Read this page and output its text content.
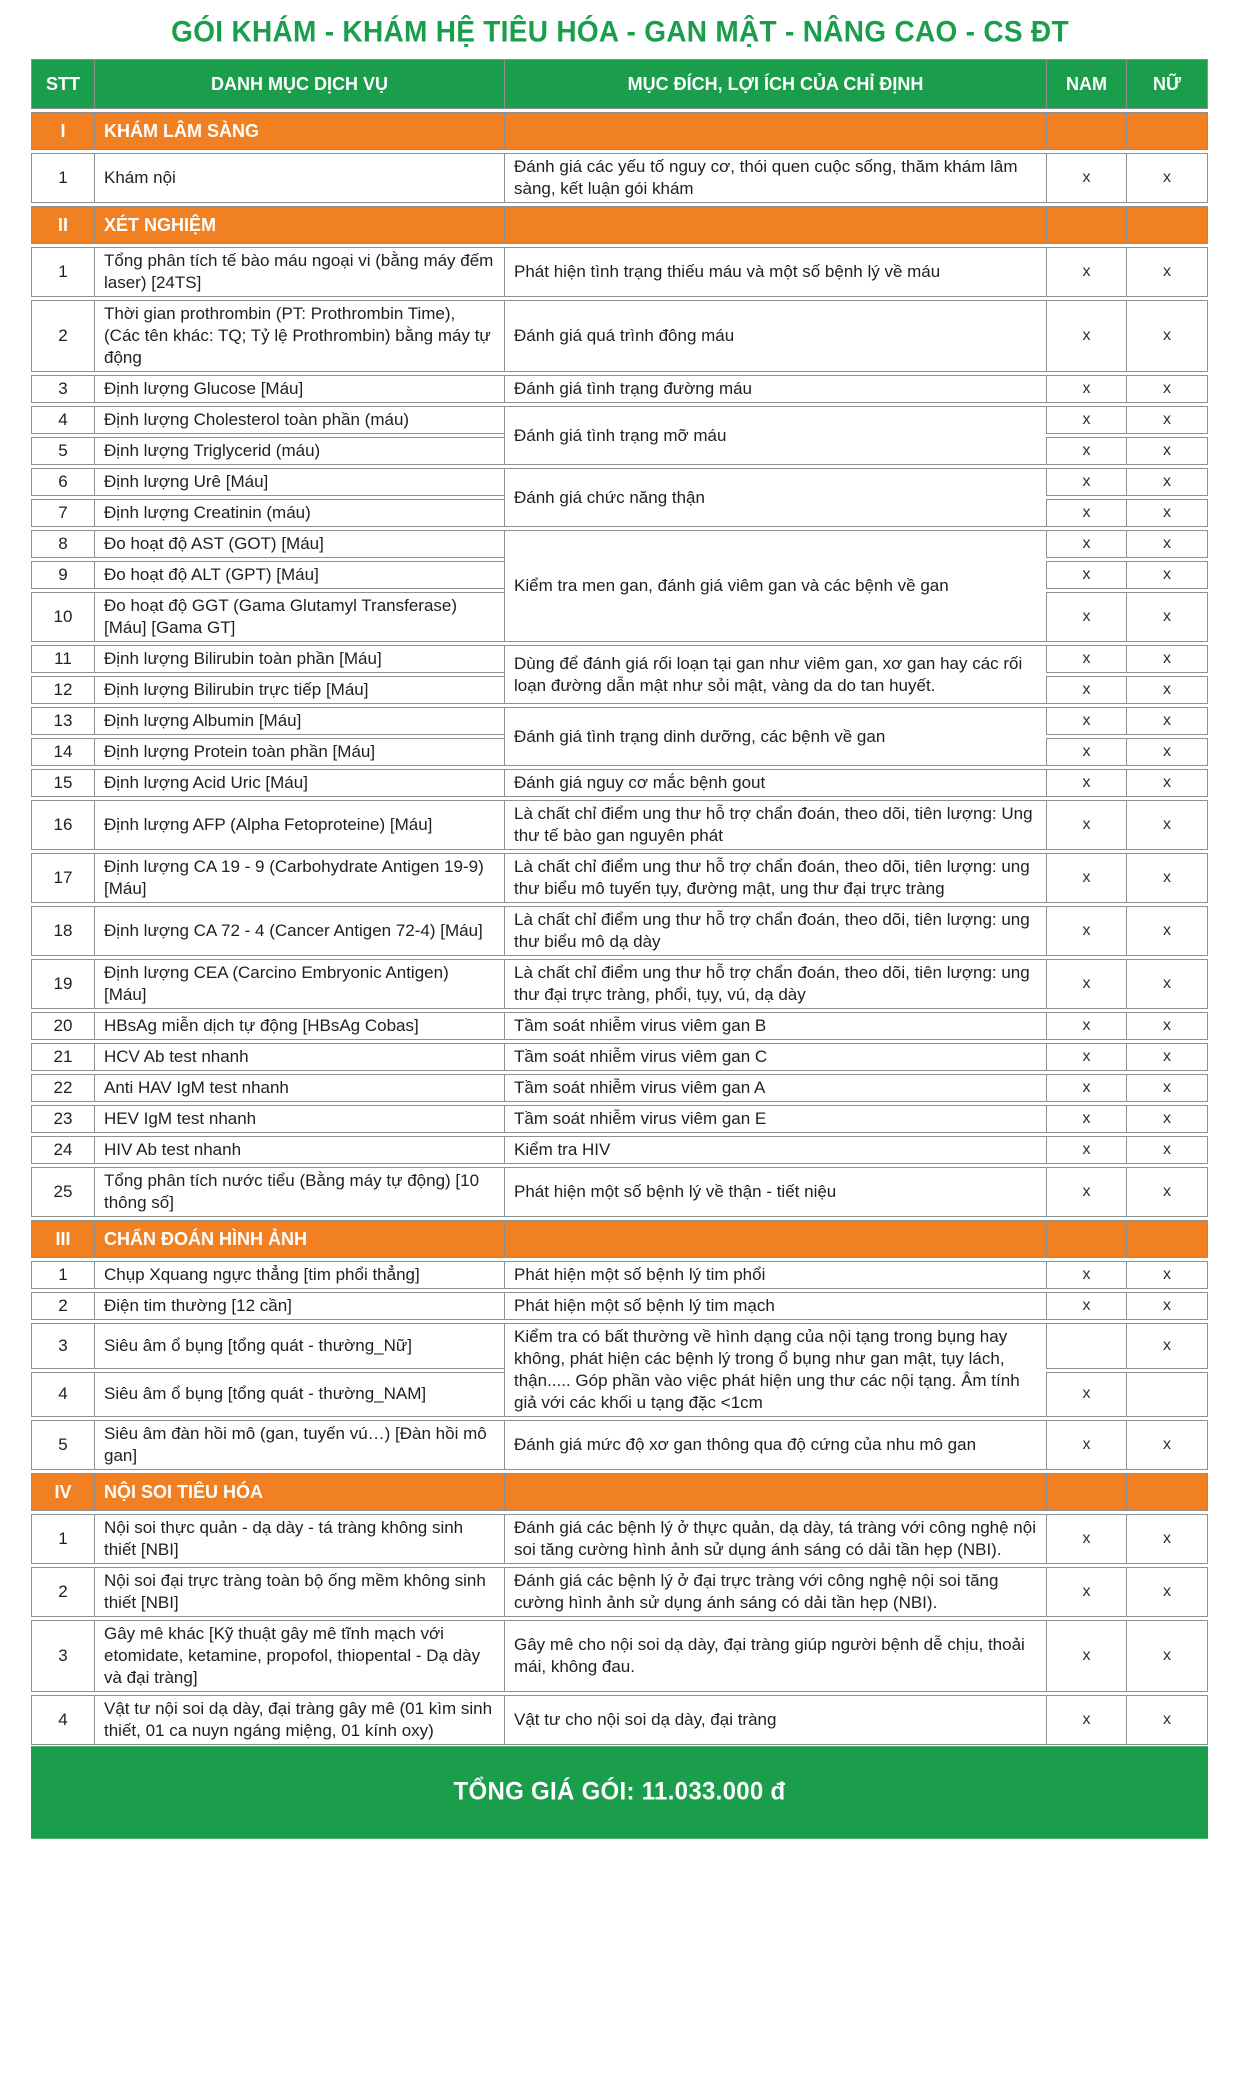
GÓI KHÁM - KHÁM HỆ TIÊU HÓA - GAN MẬT - NÂNG CAO - CS ĐT
STT	DANH MỤC DỊCH VỤ	MỤC ĐÍCH, LỢI ÍCH CỦA CHỈ ĐỊNH	NAM	NỮ
I	KHÁM LÂM SÀNG			
1	Khám nội	Đánh giá các yếu tố nguy cơ, thói quen cuộc sống, thăm khám lâm sàng, kết luận gói khám	x	x
II	XÉT NGHIỆM			
1	Tổng phân tích tế bào máu ngoại vi (bằng máy đếm laser) [24TS]	Phát hiện tình trạng thiếu máu và một số bệnh lý về máu	x	x
2	Thời gian prothrombin (PT: Prothrombin Time), (Các tên khác: TQ; Tỷ lệ Prothrombin) bằng máy tự động	Đánh giá quá trình đông máu	x	x
3	Định lượng Glucose [Máu]	Đánh giá tình trạng đường máu	x	x
4	Định lượng Cholesterol toàn phần (máu)	Đánh giá tình trạng mỡ máu	x	x
5	Định lượng Triglycerid (máu)		x	x
6	Định lượng Urê [Máu]	Đánh giá chức năng thận	x	x
7	Định lượng Creatinin (máu)		x	x
8	Đo hoạt độ AST (GOT) [Máu]	Kiểm tra men gan, đánh giá viêm gan và các bệnh về gan	x	x
9	Đo hoạt độ ALT (GPT) [Máu]		x	x
10	Đo hoạt độ GGT (Gama Glutamyl Transferase) [Máu] [Gama GT]		x	x
11	Định lượng Bilirubin toàn phần [Máu]	Dùng để đánh giá rối loạn tại gan như viêm gan, xơ gan hay các rối loạn đường dẫn mật như sỏi mật, vàng da do tan huyết.	x	x
12	Định lượng Bilirubin trực tiếp [Máu]		x	x
13	Định lượng Albumin [Máu]	Đánh giá tình trạng dinh dưỡng, các bệnh về gan	x	x
14	Định lượng Protein toàn phần [Máu]		x	x
15	Định lượng Acid Uric [Máu]	Đánh giá nguy cơ mắc bệnh gout	x	x
16	Định lượng AFP (Alpha Fetoproteine) [Máu]	Là chất chỉ điểm ung thư hỗ trợ chẩn đoán, theo dõi, tiên lượng: Ung thư tế bào gan nguyên phát	x	x
17	Định lượng CA 19 - 9 (Carbohydrate Antigen 19-9) [Máu]	Là chất chỉ điểm ung thư hỗ trợ chẩn đoán, theo dõi, tiên lượng: ung thư biểu mô tuyến tụy, đường mật, ung thư đại trực tràng	x	x
18	Định lượng CA 72 - 4 (Cancer Antigen 72-4) [Máu]	Là chất chỉ điểm ung thư hỗ trợ chẩn đoán, theo dõi, tiên lượng: ung thư biểu mô dạ dày	x	x
19	Định lượng CEA (Carcino Embryonic Antigen) [Máu]	Là chất chỉ điểm ung thư hỗ trợ chẩn đoán, theo dõi, tiên lượng: ung thư đại trực tràng, phổi, tụy, vú, dạ dày	x	x
20	HBsAg miễn dịch tự động [HBsAg Cobas]	Tầm soát nhiễm virus viêm gan B	x	x
21	HCV Ab test nhanh	Tầm soát nhiễm virus viêm gan C	x	x
22	Anti HAV IgM test nhanh	Tầm soát nhiễm virus viêm gan A	x	x
23	HEV IgM test nhanh	Tầm soát nhiễm virus viêm gan E	x	x
24	HIV Ab test nhanh	Kiểm tra HIV	x	x
25	Tổng phân tích nước tiểu (Bằng máy tự động) [10 thông số]	Phát hiện một số bệnh lý về thận - tiết niệu	x	x
III	CHẨN ĐOÁN HÌNH ẢNH			
1	Chụp Xquang ngực thẳng [tim phổi thẳng]	Phát hiện một số bệnh lý tim phổi	x	x
2	Điện tim thường [12 cần]	Phát hiện một số bệnh lý tim mạch	x	x
3	Siêu âm ổ bụng [tổng quát - thường_Nữ]	Kiểm tra có bất thường về hình dạng của nội tạng trong bụng hay không, phát hiện các bệnh lý trong ổ bụng như gan mật, tụy lách, thận..... Góp phần vào việc phát hiện ung thư các nội tạng. Âm tính giả với các khối u tạng đặc <1cm		x
4	Siêu âm ổ bụng [tổng quát - thường_NAM]		x	
5	Siêu âm đàn hồi mô (gan, tuyến vú…) [Đàn hồi mô gan]	Đánh giá mức độ xơ gan thông qua độ cứng của nhu mô gan	x	x
IV	NỘI SOI TIÊU HÓA			
1	Nội soi thực quản - dạ dày - tá tràng không sinh thiết [NBI]	Đánh giá các bệnh lý ở thực quản, dạ dày, tá tràng với công nghệ nội soi tăng cường hình ảnh sử dụng ánh sáng có dải tần hẹp (NBI).	x	x
2	Nội soi đại trực tràng toàn bộ ống mềm không sinh thiết [NBI]	Đánh giá các bệnh lý ở đại trực tràng với công nghệ nội soi tăng cường hình ảnh sử dụng ánh sáng có dải tần hẹp (NBI).	x	x
3	Gây mê khác [Kỹ thuật gây mê tĩnh mạch với etomidate, ketamine, propofol, thiopental - Dạ dày và đại tràng]	Gây mê cho nội soi dạ dày, đại tràng giúp người bệnh dễ chịu, thoải mái, không đau.	x	x
4	Vật tư nội soi dạ dày, đại tràng gây mê (01 kìm sinh thiết, 01 ca nuyn ngáng miệng, 01 kính oxy)	Vật tư cho nội soi dạ dày, đại tràng	x	x
TỔNG GIÁ GÓI: 11.033.000 đ
